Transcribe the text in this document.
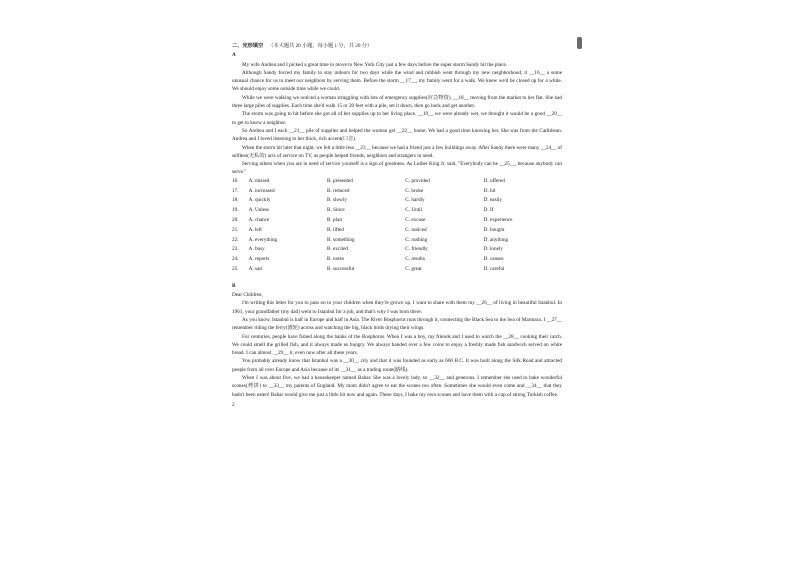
二、完形填空 （本大题共 20 小题，每小题 1 分，共 20 分）

A

My wife Andrea and I picked a great time to move to New York City just a few days before the super storm Sandy hit the place.

Although Sandy forced my family to stay indoors for two days while the wind and rubbish went through my new neighborhood, it __16__ a some unusual chance for us to meet our neighbors by serving them. Before the storm __17__, my family went for a walk. We knew we'd be closed up for a while. We should enjoy some outside time while we could.

While we were walking we noticed a woman struggling with lots of emergency supplies(应急物资). __18__ moving from the market to her flat. She had three large piles of supplies. Each time she'd walk 15 or 20 feet with a pile, set it down, then go back and get another.

The storm was going to hit before she got all of her supplies up to her living place. __19__ we were already wet, we thought it would be a good __20__ to get to know a neighbor.

So Andrea and I each __21__ pile of supplies and helped the woman get __22__ home. We had a good time knowing her. She was from the Caribbean. Andrea and I loved listening to her thick, rich accent(口音).

When the storm hit later that night, we felt a little less __23__ because we had a friend just a few buildings away. After Sandy there were many __24__ of selfless(无私的) acts of service on TV, as people helped friends, neighbors and strangers in need.

Serving others when you are in need of service yourself is a sign of greatness. As Luther King Jr. said, "Everybody can be __25__, because anybody can serve."

16.	A. missed	B. presented	C. provided	D. offered
17.	A. increased	B. reduced	C. broke	D. hit
18.	A. quickly	B. slowly	C. hardly	D. easily
19.	A. Unless	B. Since	C. Until	D. If
20.	A. chance	B. plan	C. excuse	D. experience
21.	A. left	B. lifted	C. noticed	D. bought
22.	A. everything	B. something	C. nothing	D. anything
23.	A. busy	B. excited	C. friendly	D. lonely
24.	A. reports	B. notes	C. results	D. causes
25.	A. sad	B. successful	C. great	D. careful

B

Dear Children,

I'm writing this letter for you to pass on to your children when they're grown up. I want to share with them my __26__ of living in beautiful Istanbul. In 1961, your grandfather (my dad) went to Istanbul for a job, and that's why I was born there.

As you know, Istanbul is half in Europe and half in Asia. The River Bosphorus runs through it, connecting the Black Sea to the Sea of Marmara. I __27__ remember riding the ferry(渡轮) across and watching the big, black birds drying their wings.

For centuries, people have fished along the banks of the Bosphorus. When I was a boy, my friends and I used to watch the __28__ cooking their catch. We could smell the grilled fish, and it always made us hungry. We always handed over a few coins to enjoy a freshly made fish sandwich served on white bread. I can almost __29__ it, even now after all these years.

You probably already know that Istanbul was a __30__ city and that it was founded as early as 660 B.C. It was built along the Silk Road and attracted people from all over Europe and Asia because of its __31__ as a trading route(路线).

When I was about five, we had a housekeeper named Bahar. She was a lovely lady, so __32__ and generous. I remember she used to bake wonderful scones(烤饼) to __33__ my parents of England. My mom didn't agree to eat the scones too often. Sometimes she would even come and __34__ that they hadn't been eaten! Bahar would give me just a little bit now and again. These days, I bake my own scones and have them with a cup of strong Turkish coffee.

2
